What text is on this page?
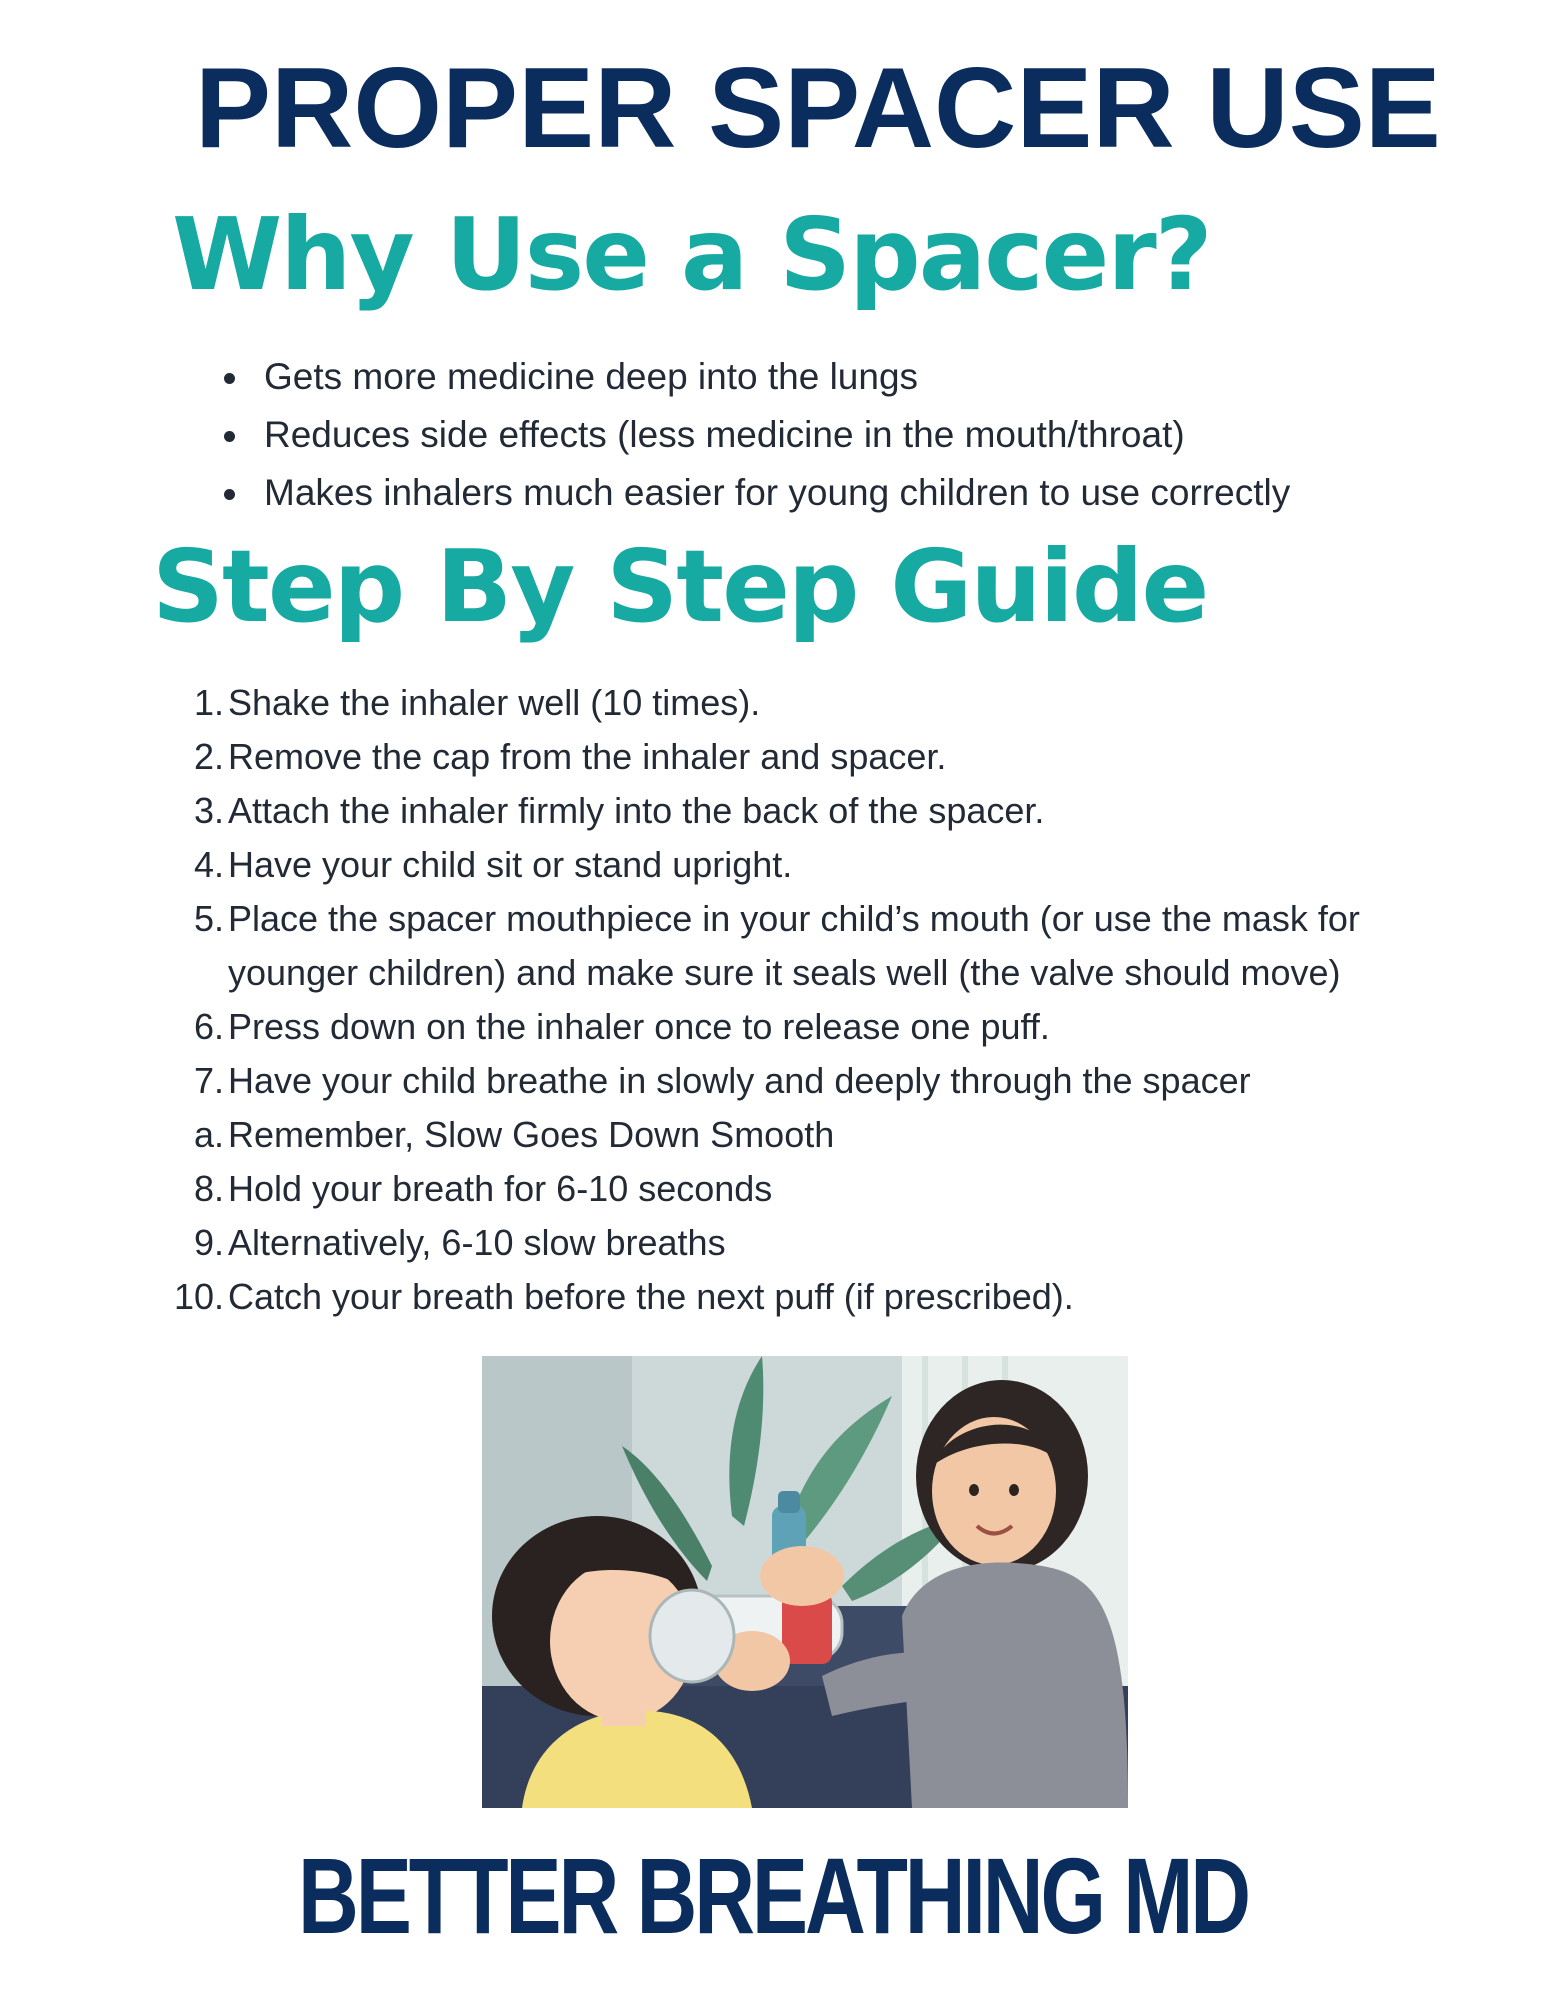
PROPER SPACER USE
Why Use a Spacer?
Gets more medicine deep into the lungs
Reduces side effects (less medicine in the mouth/throat)
Makes inhalers much easier for young children to use correctly
Step By Step Guide
1. Shake the inhaler well (10 times).
2. Remove the cap from the inhaler and spacer.
3. Attach the inhaler firmly into the back of the spacer.
4. Have your child sit or stand upright.
5. Place the spacer mouthpiece in your child’s mouth (or use the mask for
younger children) and make sure it seals well (the valve should move)
6. Press down on the inhaler once to release one puff.
7. Have your child breathe in slowly and deeply through the spacer
a. Remember, Slow Goes Down Smooth
8. Hold your breath for 6-10 seconds
9. Alternatively, 6-10 slow breaths
10. Catch your breath before the next puff (if prescribed).
BETTER BREATHING MD
